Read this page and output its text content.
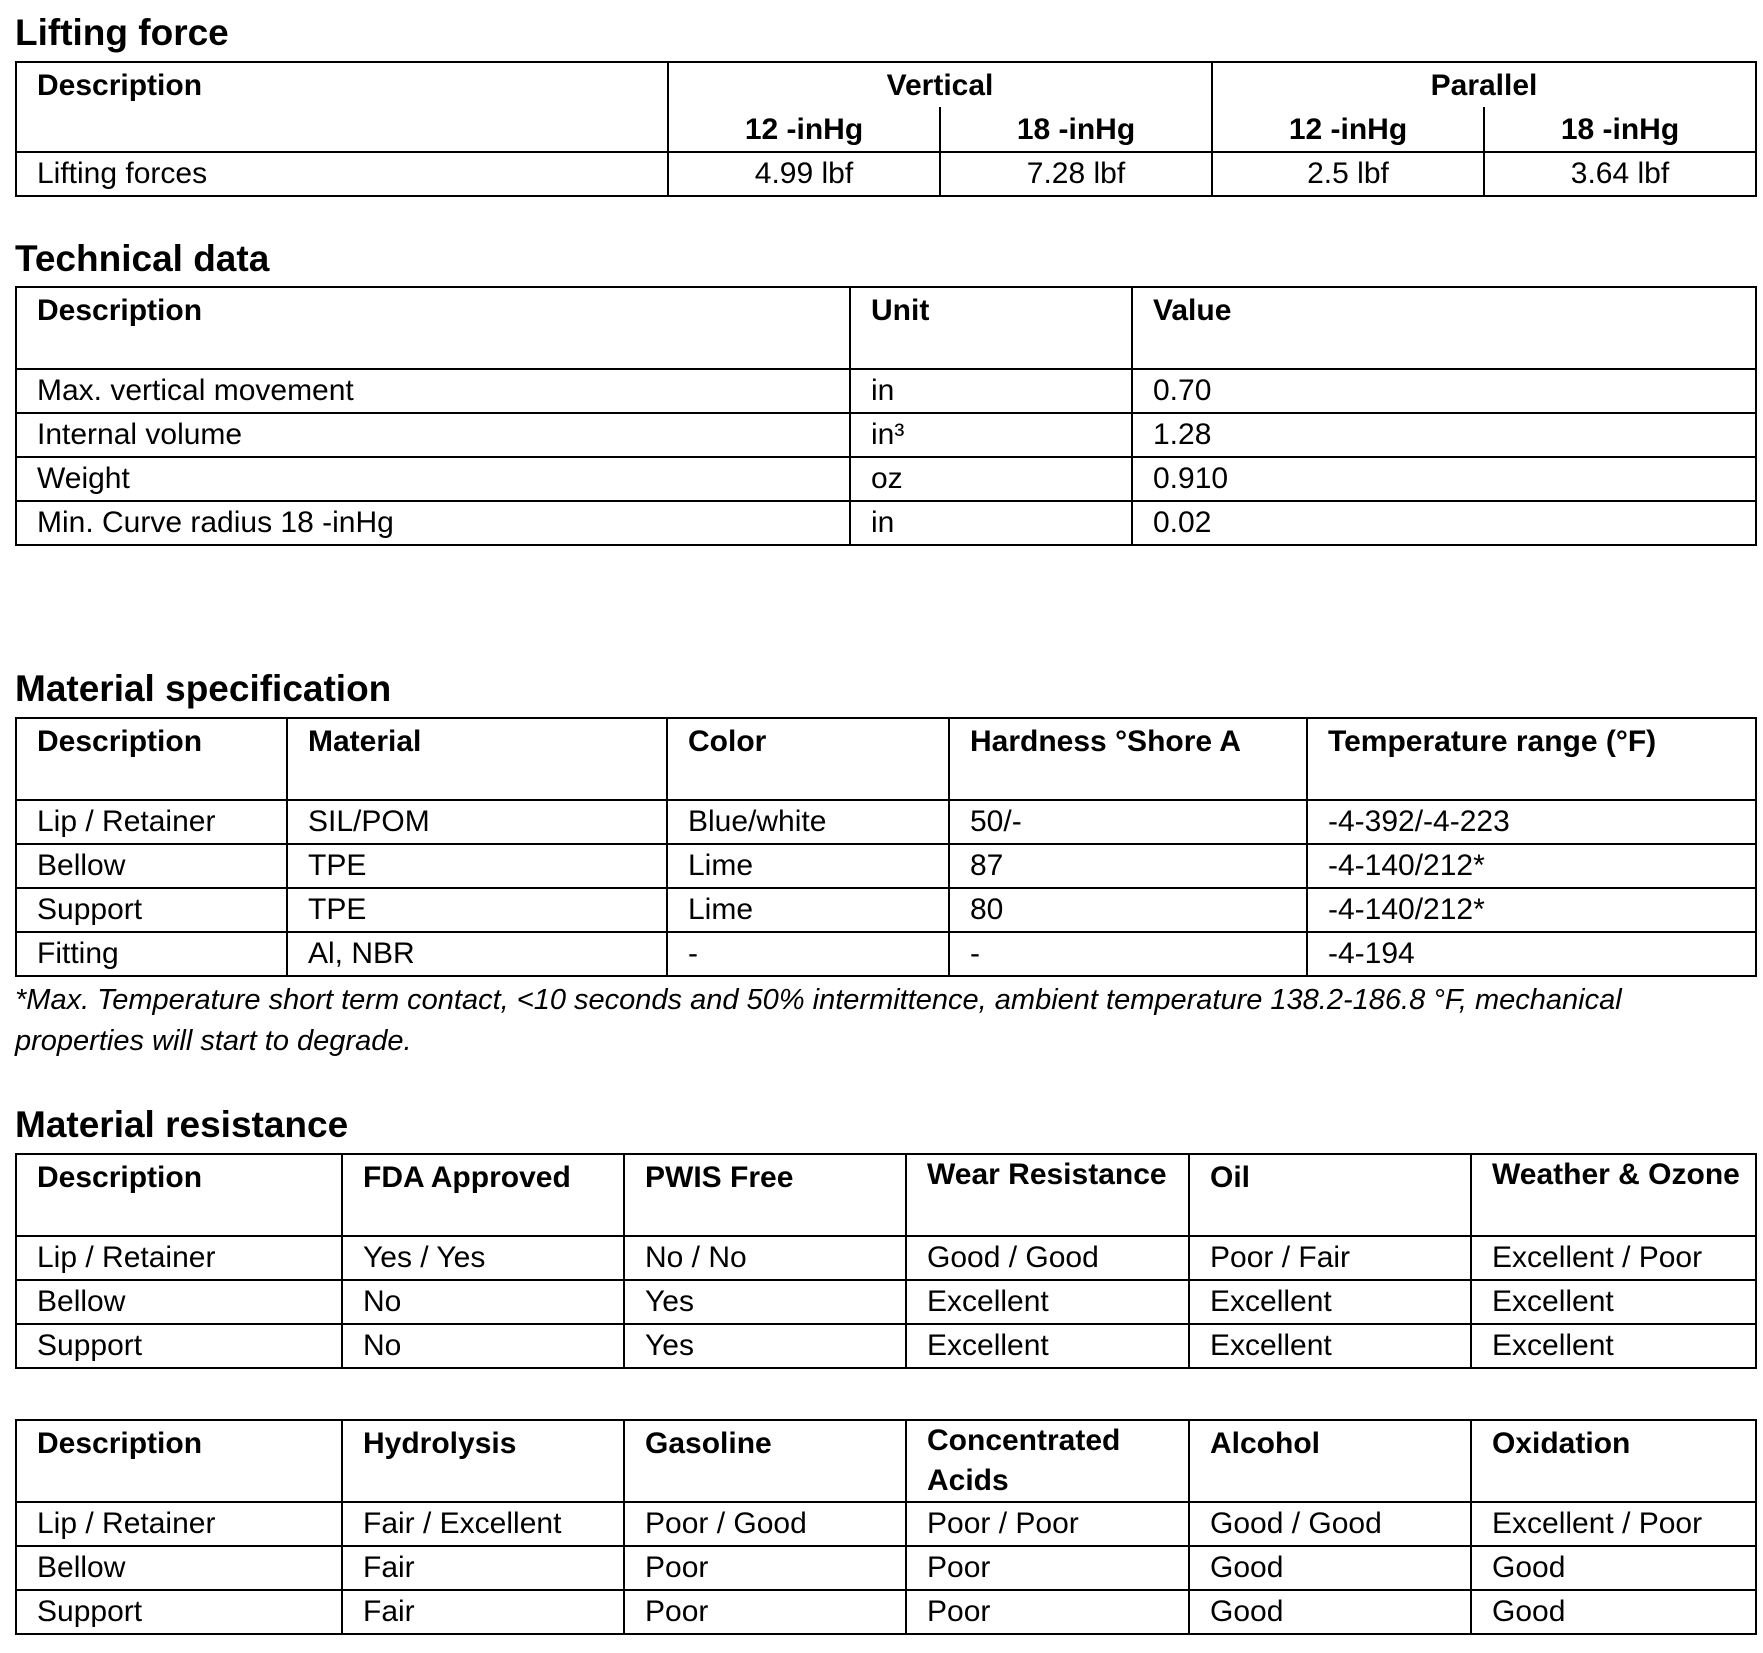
Lifting force
Description	Vertical		Parallel	
	12 -inHg	18 -inHg	12 -inHg	18 -inHg
Lifting forces	4.99 lbf	7.28 lbf	2.5 lbf	3.64 lbf
Technical data
Description	Unit	Value
Max. vertical movement	in	0.70
Internal volume	in³	1.28
Weight	oz	0.910
Min. Curve radius 18 -inHg	in	0.02
Material specification
Description	Material	Color	Hardness °Shore A	Temperature range (°F)
Lip / Retainer	SIL/POM	Blue/white	50/-	-4-392/-4-223
Bellow	TPE	Lime	87	-4-140/212*
Support	TPE	Lime	80	-4-140/212*
Fitting	Al, NBR	-	-	-4-194

*Max. Temperature short term contact, <10 seconds and 50% intermittence, ambient temperature 138.2-186.8 °F, mechanical properties will start to degrade.

Material resistance
Description	FDA Approved	PWIS Free	Wear Resistance	Oil	Weather & Ozone
Lip / Retainer	Yes / Yes	No / No	Good / Good	Poor / Fair	Excellent / Poor
Bellow	No	Yes	Excellent	Excellent	Excellent
Support	No	Yes	Excellent	Excellent	Excellent
Description	Hydrolysis	Gasoline	Concentrated Acids	Alcohol	Oxidation
Lip / Retainer	Fair / Excellent	Poor / Good	Poor / Poor	Good / Good	Excellent / Poor
Bellow	Fair	Poor	Poor	Good	Good
Support	Fair	Poor	Poor	Good	Good
